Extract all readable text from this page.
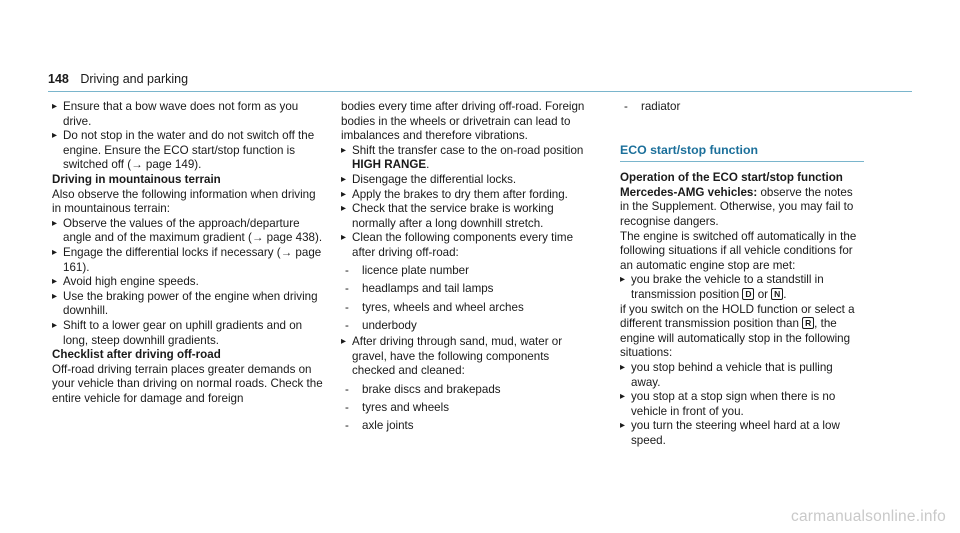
148 Driving and parking
▸ Ensure that a bow wave does not form as you drive.
▸ Do not stop in the water and do not switch off the engine. Ensure the ECO start/stop function is switched off (→ page 149).

Driving in mountainous terrain

Also observe the following information when driving in mountainous terrain:

▸ Observe the values of the approach/departure angle and of the maximum gradient (→ page 438).
▸ Engage the differential locks if necessary (→ page 161).
▸ Avoid high engine speeds.
▸ Use the braking power of the engine when driving downhill.
▸ Shift to a lower gear on uphill gradients and on long, steep downhill gradients.

Checklist after driving off-road

Off-road driving terrain places greater demands on your vehicle than driving on normal roads. Check the entire vehicle for damage and foreign

bodies every time after driving off-road. Foreign bodies in the wheels or drivetrain can lead to imbalances and therefore vibrations.

▸ Shift the transfer case to the on-road position HIGH RANGE.
▸ Disengage the differential locks.
▸ Apply the brakes to dry them after fording.
▸ Check that the service brake is working normally after a long downhill stretch.
▸ Clean the following components every time after driving off-road:
- licence plate number
- headlamps and tail lamps
- tyres, wheels and wheel arches
- underbody
▸ After driving through sand, mud, water or gravel, have the following components checked and cleaned:
- brake discs and brakepads
- tyres and wheels
- axle joints
- radiator

ECO start/stop function

Operation of the ECO start/stop function

Mercedes-AMG vehicles: observe the notes in the Supplement. Otherwise, you may fail to recognise dangers.

The engine is switched off automatically in the following situations if all vehicle conditions for an automatic engine stop are met:

▸ you brake the vehicle to a standstill in transmission position D or N .

if you switch on the HOLD function or select a different transmission position than R , the engine will automatically stop in the following situations:

▸ you stop behind a vehicle that is pulling away.
▸ you stop at a stop sign when there is no vehicle in front of you.
▸ you turn the steering wheel hard at a low speed.
carmanualsonline.info
